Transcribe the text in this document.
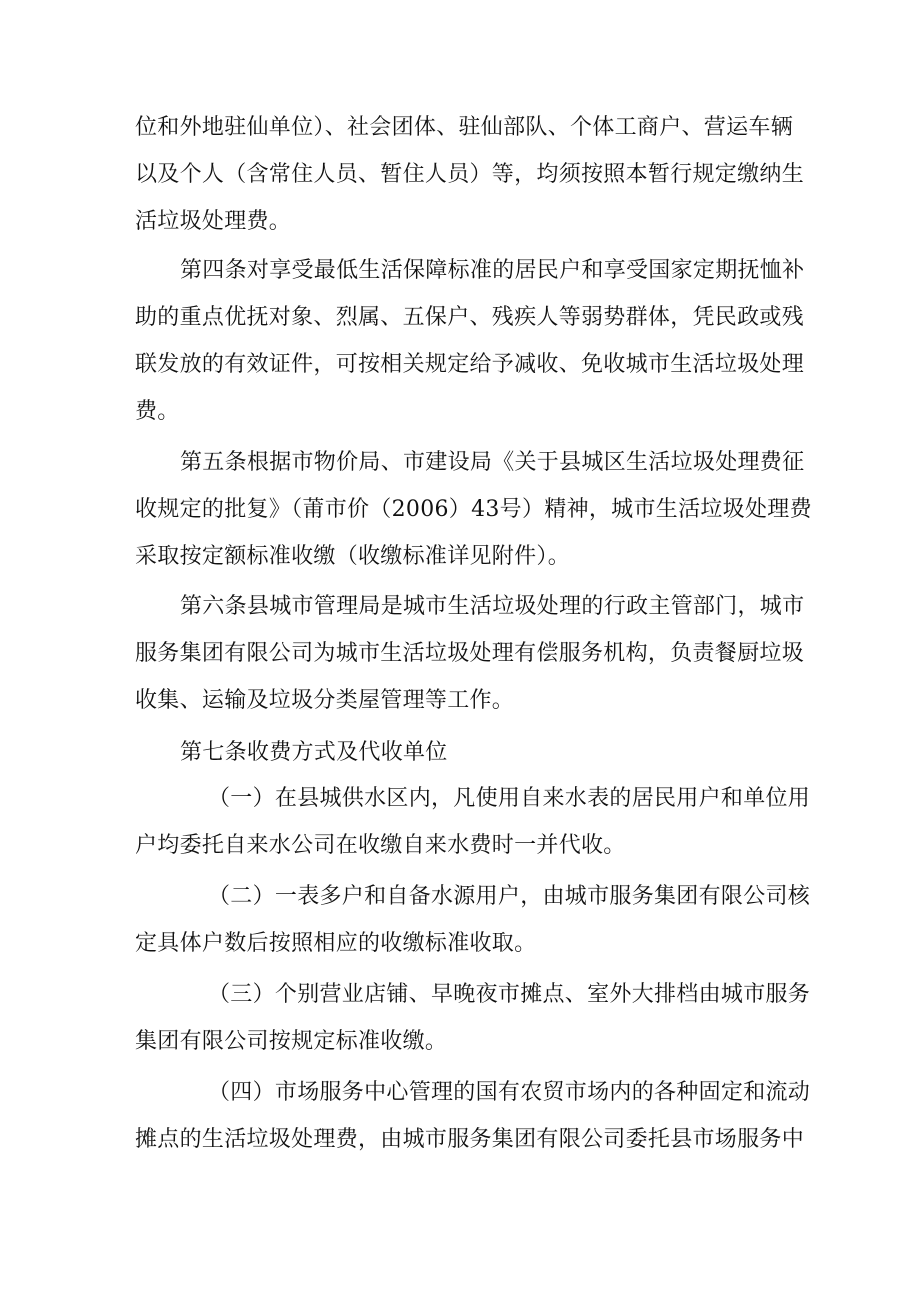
位和外地驻仙单位）、社会团体、驻仙部队、个体工商户、营运车辆

以及个人（含常住人员、暂住人员）等，均须按照本暂行规定缴纳生

活垃圾处理费。

第四条对享受最低生活保障标准的居民户和享受国家定期抚恤补

助的重点优抚对象、烈属、五保户、残疾人等弱势群体，凭民政或残

联发放的有效证件，可按相关规定给予减收、免收城市生活垃圾处理

费。

第五条根据市物价局、市建设局《关于县城区生活垃圾处理费征

收规定的批复》（莆市价（2006）43号）精神，城市生活垃圾处理费

采取按定额标准收缴（收缴标准详见附件）。

第六条县城市管理局是城市生活垃圾处理的行政主管部门，城市

服务集团有限公司为城市生活垃圾处理有偿服务机构，负责餐厨垃圾

收集、运输及垃圾分类屋管理等工作。

第七条收费方式及代收单位

（一）在县城供水区内，凡使用自来水表的居民用户和单位用

户均委托自来水公司在收缴自来水费时一并代收。

（二）一表多户和自备水源用户，由城市服务集团有限公司核

定具体户数后按照相应的收缴标准收取。

（三）个别营业店铺、早晚夜市摊点、室外大排档由城市服务

集团有限公司按规定标准收缴。

（四）市场服务中心管理的国有农贸市场内的各种固定和流动

摊点的生活垃圾处理费，由城市服务集团有限公司委托县市场服务中
